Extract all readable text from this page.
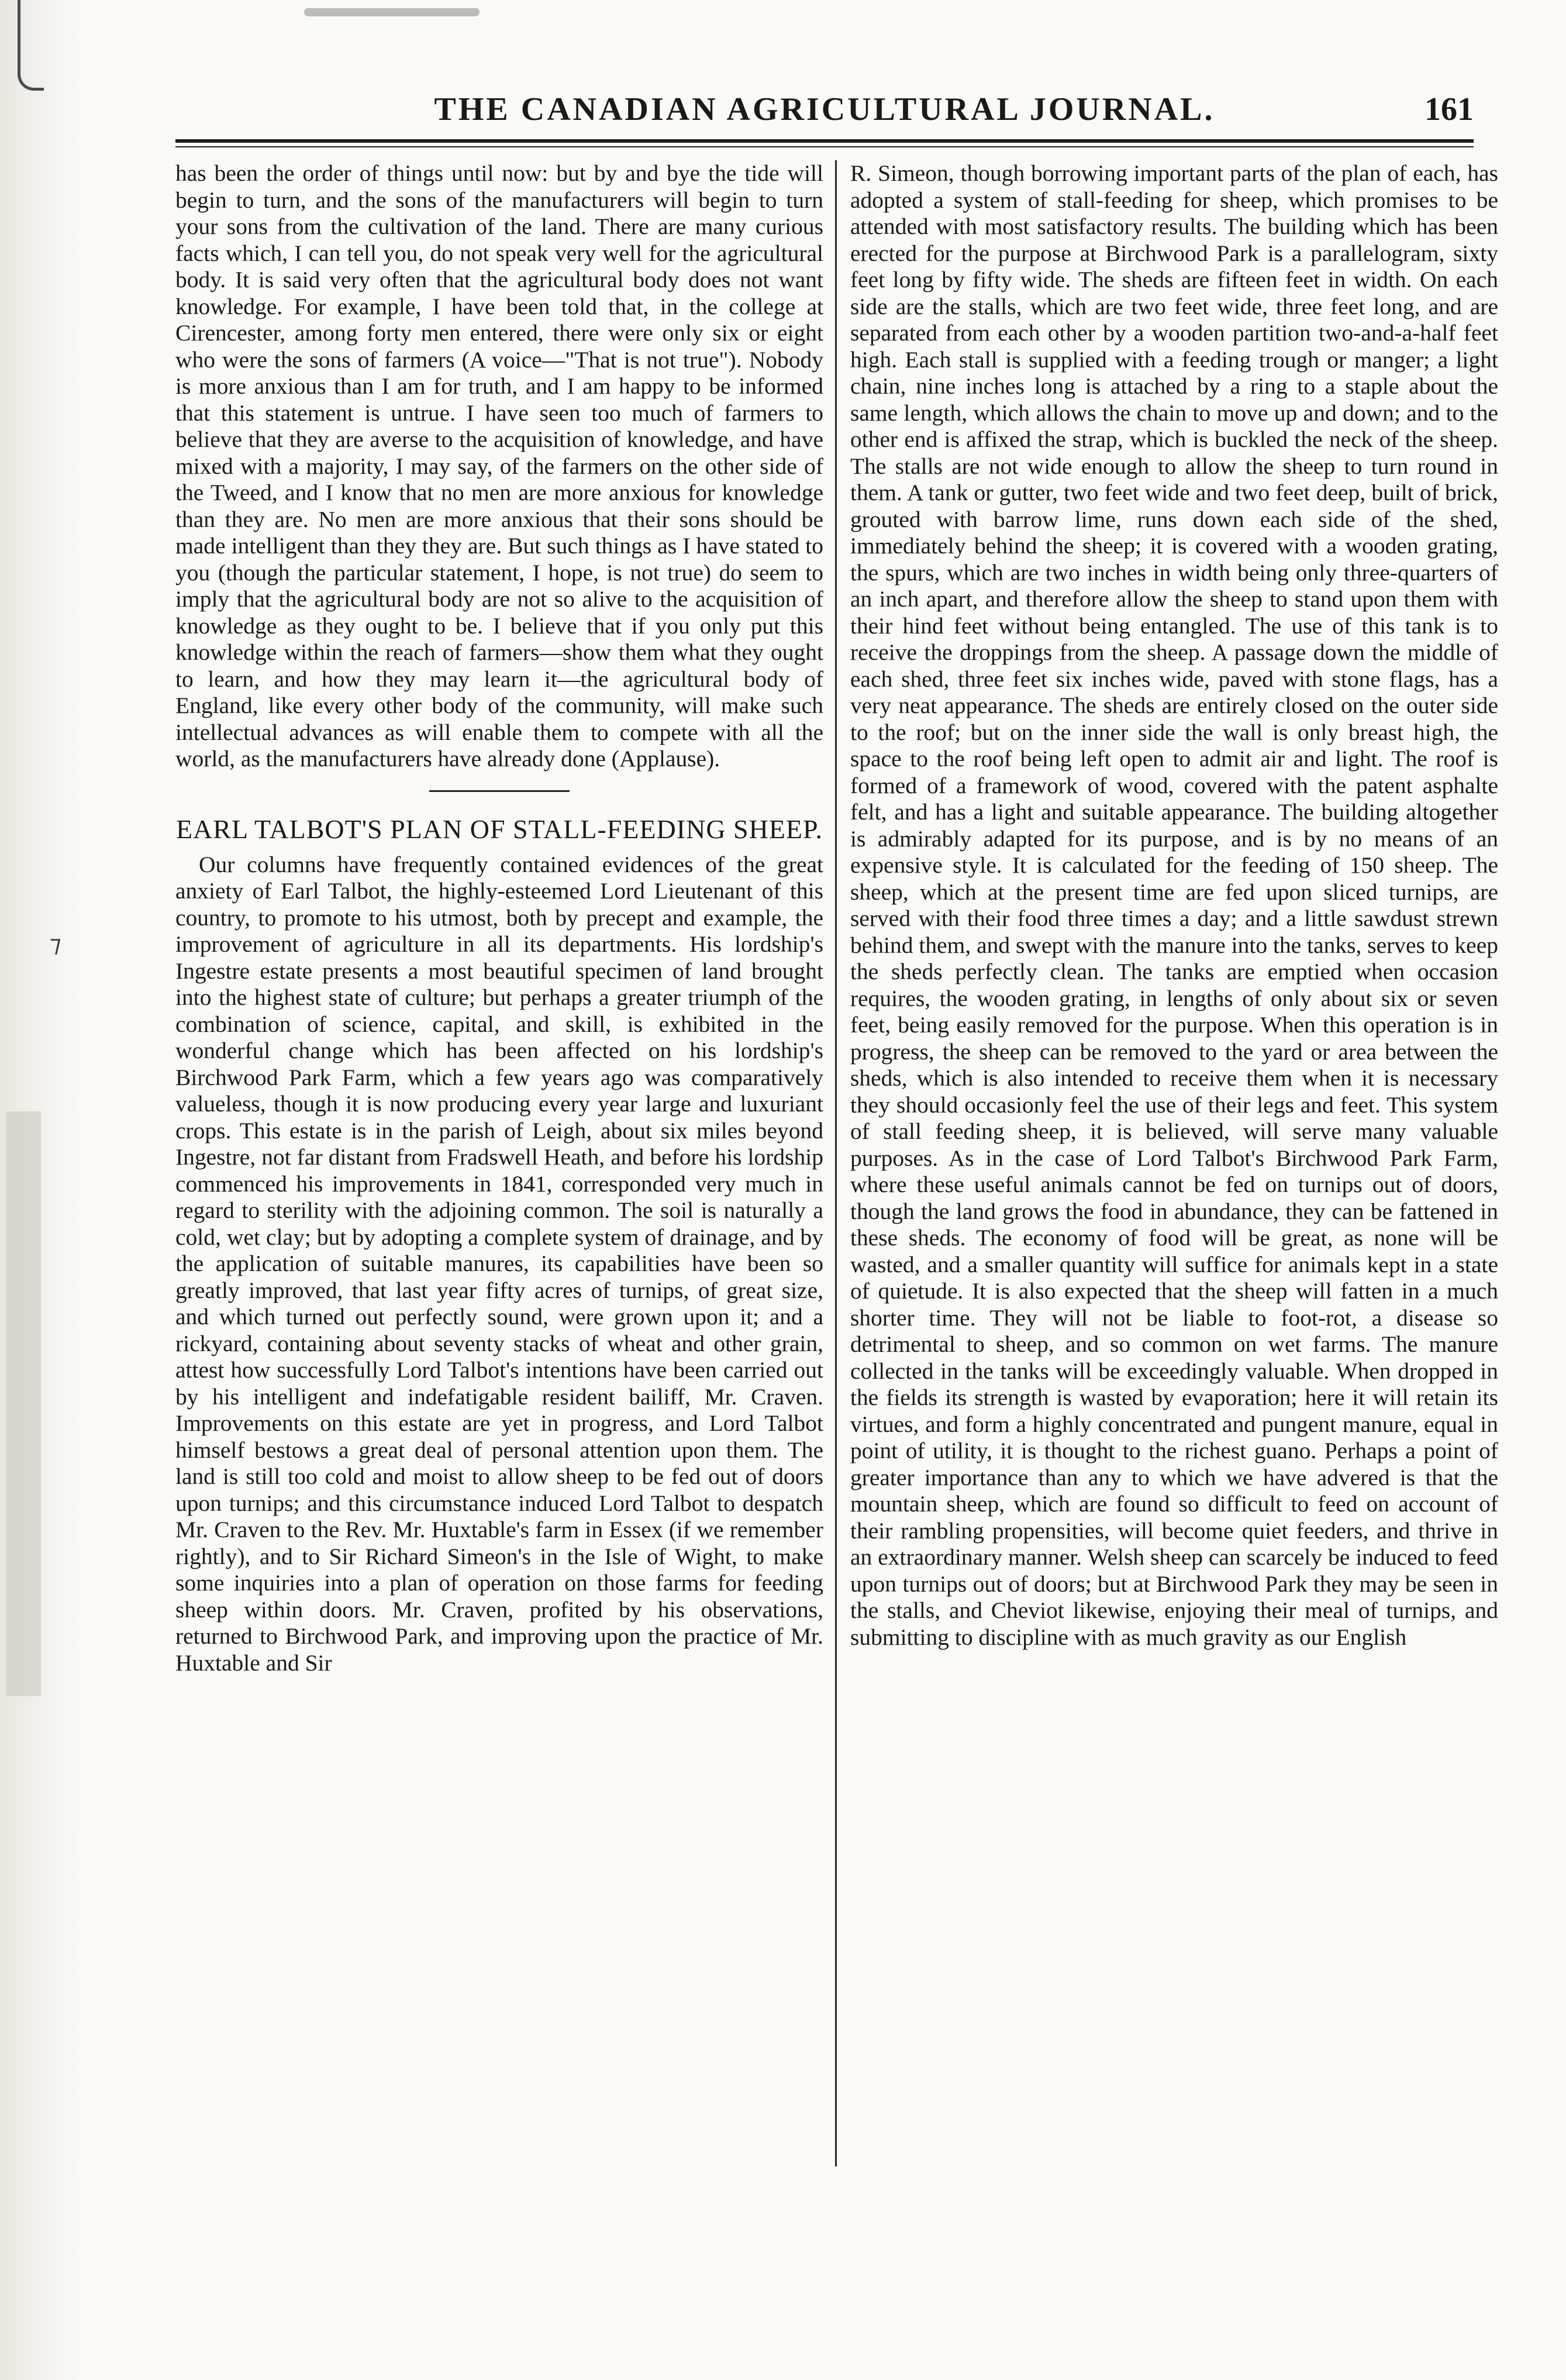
⁊
THE CANADIAN AGRICULTURAL JOURNAL.	161

has been the order of things until now: but by and bye the tide will begin to turn, and the sons of the manufacturers will begin to turn your sons from the cultivation of the land. There are many curious facts which, I can tell you, do not speak very well for the agricultural body. It is said very often that the agricultural body does not want knowledge. For example, I have been told that, in the college at Cirencester, among forty men entered, there were only six or eight who were the sons of farmers (A voice—"That is not true"). Nobody is more anxious than I am for truth, and I am happy to be informed that this statement is untrue. I have seen too much of farmers to believe that they are averse to the acquisition of knowledge, and have mixed with a majority, I may say, of the farmers on the other side of the Tweed, and I know that no men are more anxious for knowledge than they are. No men are more anxious that their sons should be made intelligent than they they are. But such things as I have stated to you (though the particular statement, I hope, is not true) do seem to imply that the agricultural body are not so alive to the acquisition of knowledge as they ought to be. I believe that if you only put this knowledge within the reach of farmers—show them what they ought to learn, and how they may learn it—the agricultural body of England, like every other body of the community, will make such intellectual advances as will enable them to compete with all the world, as the manufacturers have already done (Applause).

EARL TALBOT'S PLAN OF STALL-FEEDING SHEEP.

Our columns have frequently contained evidences of the great anxiety of Earl Talbot, the highly-esteemed Lord Lieutenant of this country, to promote to his utmost, both by precept and example, the improvement of agriculture in all its departments. His lordship's Ingestre estate presents a most beautiful specimen of land brought into the highest state of culture; but perhaps a greater triumph of the combination of science, capital, and skill, is exhibited in the wonderful change which has been affected on his lordship's Birchwood Park Farm, which a few years ago was comparatively valueless, though it is now producing every year large and luxuriant crops. This estate is in the parish of Leigh, about six miles beyond Ingestre, not far distant from Fradswell Heath, and before his lordship commenced his improvements in 1841, corresponded very much in regard to sterility with the adjoining common. The soil is naturally a cold, wet clay; but by adopting a complete system of drainage, and by the application of suitable manures, its capabilities have been so greatly improved, that last year fifty acres of turnips, of great size, and which turned out perfectly sound, were grown upon it; and a rickyard, containing about seventy stacks of wheat and other grain, attest how successfully Lord Talbot's intentions have been carried out by his intelligent and indefatigable resident bailiff, Mr. Craven. Improvements on this estate are yet in progress, and Lord Talbot himself bestows a great deal of personal attention upon them. The land is still too cold and moist to allow sheep to be fed out of doors upon turnips; and this circumstance induced Lord Talbot to despatch Mr. Craven to the Rev. Mr. Huxtable's farm in Essex (if we remember rightly), and to Sir Richard Simeon's in the Isle of Wight, to make some inquiries into a plan of operation on those farms for feeding sheep within doors. Mr. Craven, profited by his observations, returned to Birchwood Park, and improving upon the practice of Mr. Huxtable and Sir

R. Simeon, though borrowing important parts of the plan of each, has adopted a system of stall-feeding for sheep, which promises to be attended with most satisfactory results. The building which has been erected for the purpose at Birchwood Park is a parallelogram, sixty feet long by fifty wide. The sheds are fifteen feet in width. On each side are the stalls, which are two feet wide, three feet long, and are separated from each other by a wooden partition two-and-a-half feet high. Each stall is supplied with a feeding trough or manger; a light chain, nine inches long is attached by a ring to a staple about the same length, which allows the chain to move up and down; and to the other end is affixed the strap, which is buckled the neck of the sheep. The stalls are not wide enough to allow the sheep to turn round in them. A tank or gutter, two feet wide and two feet deep, built of brick, grouted with barrow lime, runs down each side of the shed, immediately behind the sheep; it is covered with a wooden grating, the spurs, which are two inches in width being only three-quarters of an inch apart, and therefore allow the sheep to stand upon them with their hind feet without being entangled. The use of this tank is to receive the droppings from the sheep. A passage down the middle of each shed, three feet six inches wide, paved with stone flags, has a very neat appearance. The sheds are entirely closed on the outer side to the roof; but on the inner side the wall is only breast high, the space to the roof being left open to admit air and light. The roof is formed of a framework of wood, covered with the patent asphalte felt, and has a light and suitable appearance. The building altogether is admirably adapted for its purpose, and is by no means of an expensive style. It is calculated for the feeding of 150 sheep. The sheep, which at the present time are fed upon sliced turnips, are served with their food three times a day; and a little sawdust strewn behind them, and swept with the manure into the tanks, serves to keep the sheds perfectly clean. The tanks are emptied when occasion requires, the wooden grating, in lengths of only about six or seven feet, being easily removed for the purpose. When this operation is in progress, the sheep can be removed to the yard or area between the sheds, which is also intended to receive them when it is necessary they should occasionly feel the use of their legs and feet. This system of stall feeding sheep, it is believed, will serve many valuable purposes. As in the case of Lord Talbot's Birchwood Park Farm, where these useful animals cannot be fed on turnips out of doors, though the land grows the food in abundance, they can be fattened in these sheds. The economy of food will be great, as none will be wasted, and a smaller quantity will suffice for animals kept in a state of quietude. It is also expected that the sheep will fatten in a much shorter time. They will not be liable to foot-rot, a disease so detrimental to sheep, and so common on wet farms. The manure collected in the tanks will be exceedingly valuable. When dropped in the fields its strength is wasted by evaporation; here it will retain its virtues, and form a highly concentrated and pungent manure, equal in point of utility, it is thought to the richest guano. Perhaps a point of greater importance than any to which we have advered is that the mountain sheep, which are found so difficult to feed on account of their rambling propensities, will become quiet feeders, and thrive in an extraordinary manner. Welsh sheep can scarcely be induced to feed upon turnips out of doors; but at Birchwood Park they may be seen in the stalls, and Cheviot likewise, enjoying their meal of turnips, and submitting to discipline with as much gravity as our English
